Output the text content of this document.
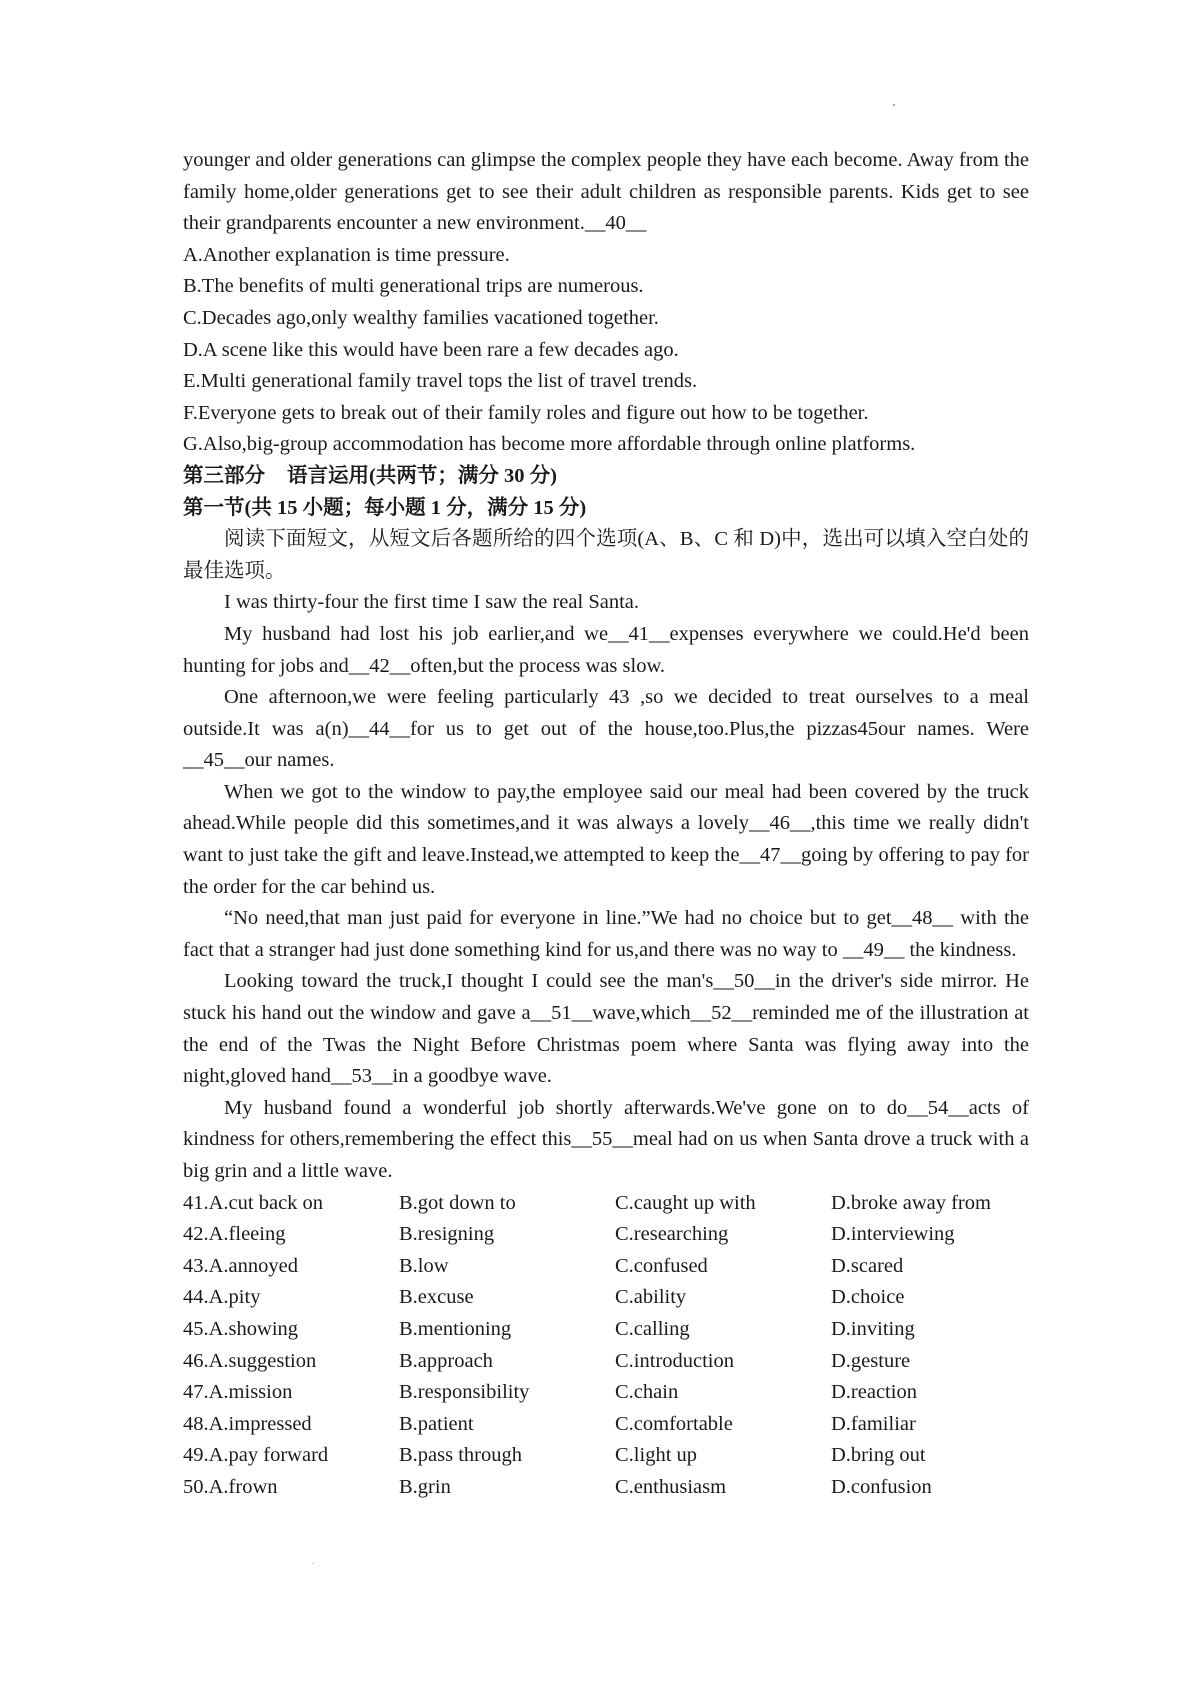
younger and older generations can glimpse the complex people they have each become. Away from the family home,older generations get to see their adult children as responsible parents. Kids get to see their grandparents encounter a new environment.__40__

A.Another explanation is time pressure.
B.The benefits of multi generational trips are numerous.
C.Decades ago,only wealthy families vacationed together.
D.A scene like this would have been rare a few decades ago.
E.Multi generational family travel tops the list of travel trends.
F.Everyone gets to break out of their family roles and figure out how to be together.
G.Also,big-group accommodation has become more affordable through online platforms.
第三部分 语言运用(共两节；满分 30 分)
第一节(共 15 小题；每小题 1 分，满分 15 分)

阅读下面短文，从短文后各题所给的四个选项(A、B、C 和 D)中，选出可以填入空白处的最佳选项。

I was thirty-four the first time I saw the real Santa.

My husband had lost his job earlier,and we__41__expenses everywhere we could.He'd been hunting for jobs and__42__often,but the process was slow.

One afternoon,we were feeling particularly 43 ,so we decided to treat ourselves to a meal outside.It was a(n)__44__for us to get out of the house,too.Plus,the pizzas45our names. Were __45__our names.

When we got to the window to pay,the employee said our meal had been covered by the truck ahead.While people did this sometimes,and it was always a lovely__46__,this time we really didn't want to just take the gift and leave.Instead,we attempted to keep the__47__going by offering to pay for the order for the car behind us.

“No need,that man just paid for everyone in line.”We had no choice but to get__48__ with the fact that a stranger had just done something kind for us,and there was no way to __49__ the kindness.

Looking toward the truck,I thought I could see the man's__50__in the driver's side mirror. He stuck his hand out the window and gave a__51__wave,which__52__reminded me of the illustration at the end of the Twas the Night Before Christmas poem where Santa was flying away into the night,gloved hand__53__in a goodbye wave.

My husband found a wonderful job shortly afterwards.We've gone on to do__54__acts of kindness for others,remembering the effect this__55__meal had on us when Santa drove a truck with a big grin and a little wave.

41.A.cut back on	B.got down to	C.caught up with	D.broke away from
42.A.fleeing	B.resigning	C.researching	D.interviewing
43.A.annoyed	B.low	C.confused	D.scared
44.A.pity	B.excuse	C.ability	D.choice
45.A.showing	B.mentioning	C.calling	D.inviting
46.A.suggestion	B.approach	C.introduction	D.gesture
47.A.mission	B.responsibility	C.chain	D.reaction
48.A.impressed	B.patient	C.comfortable	D.familiar
49.A.pay forward	B.pass through	C.light up	D.bring out
50.A.frown	B.grin	C.enthusiasm	D.confusion
